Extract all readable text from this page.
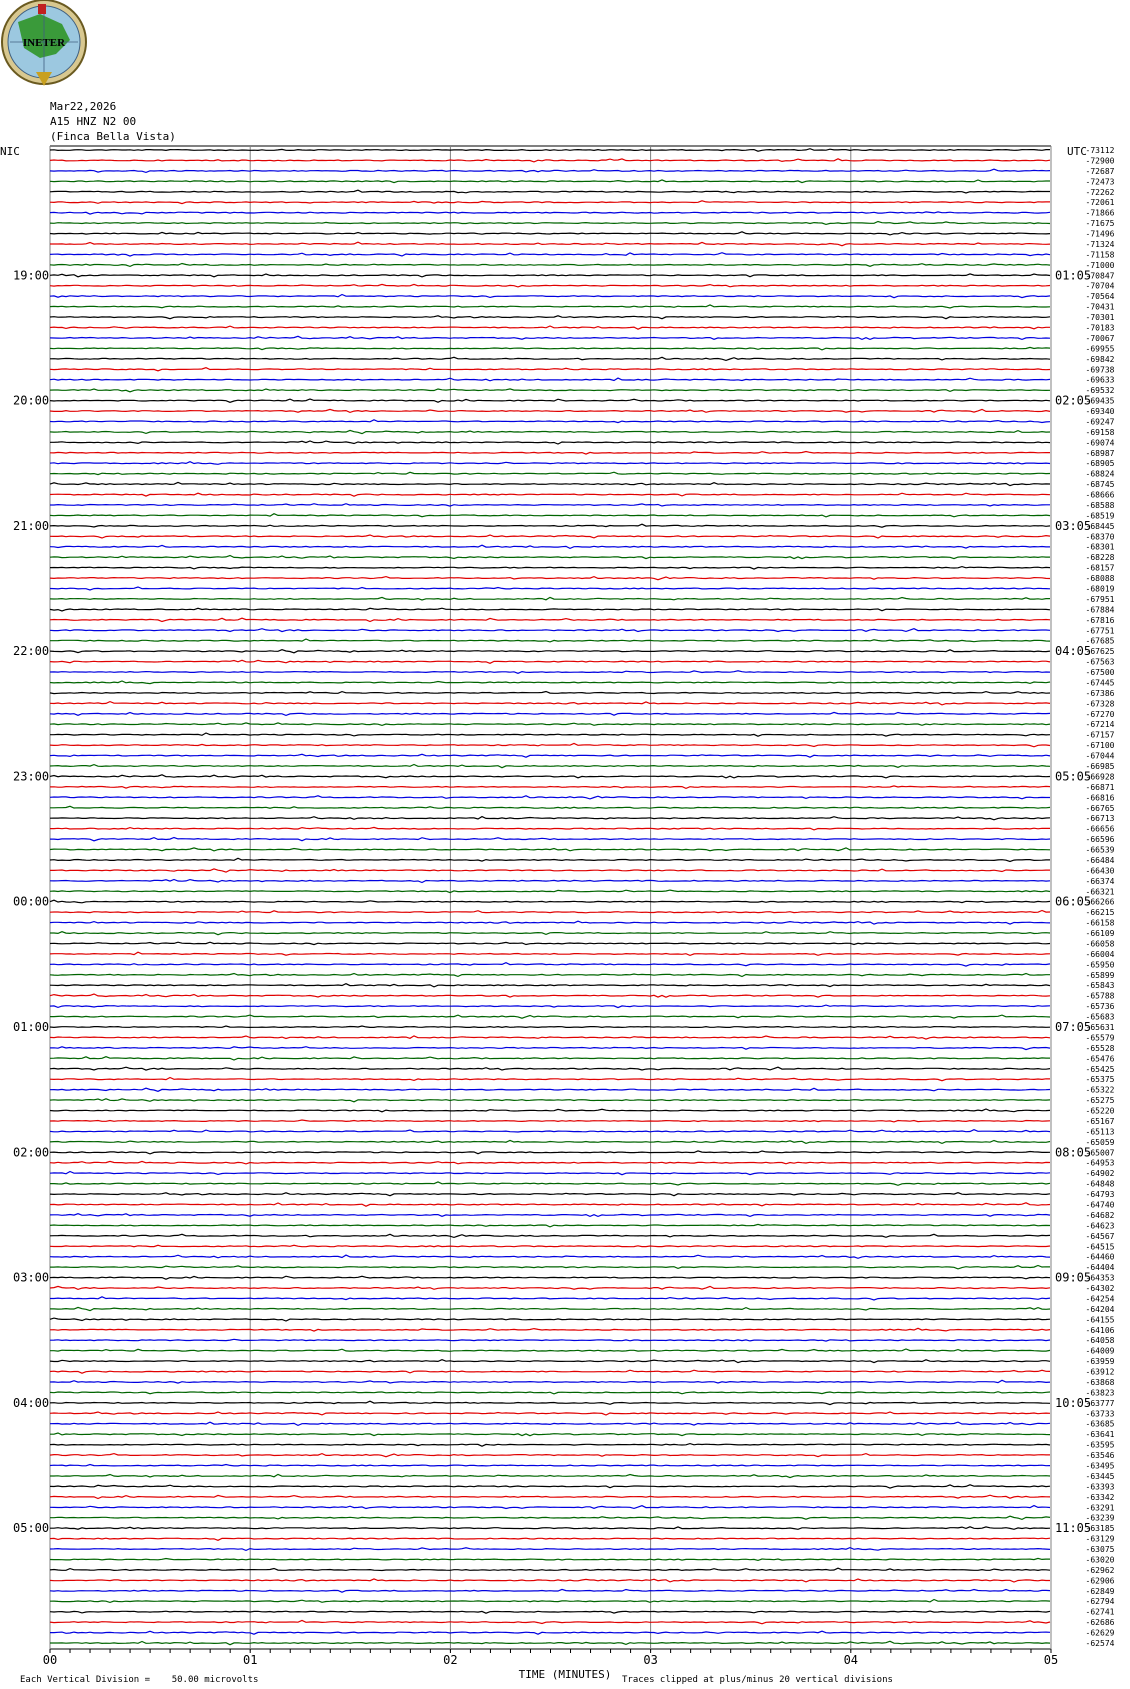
INETER
Mar22,2026
A15 HNZ N2 00
(Finca Bella Vista)
NIC	UTC
00	01	02	03	04	05
TIME (MINUTES)
-73112
-72900
-72687
-72473
-72262
-72061
-71866
-71675
-71496
-71324
-71158
-71000
-70847
-70704
-70564
-70431
-70301
-70183
-70067
-69955
-69842
-69738
-69633
-69532
-69435
-69340
-69247
-69158
-69074
-68987
-68905
-68824
-68745
-68666
-68588
-68519
-68445
-68370
-68301
-68228
-68157
-68088
-68019
-67951
-67884
-67816
-67751
-67685
-67625
-67563
-67500
-67445
-67386
-67328
-67270
-67214
-67157
-67100
-67044
-66985
-66928
-66871
-66816
-66765
-66713
-66656
-66596
-66539
-66484
-66430
-66374
-66321
-66266
-66215
-66158
-66109
-66058
-66004
-65950
-65899
-65843
-65788
-65736
-65683
-65631
-65579
-65528
-65476
-65425
-65375
-65322
-65275
-65220
-65167
-65113
-65059
-65007
-64953
-64902
-64848
-64793
-64740
-64682
-64623
-64567
-64515
-64460
-64404
-64353
-64302
-64254
-64204
-64155
-64106
-64058
-64009
-63959
-63912
-63868
-63823
-63777
-63733
-63685
-63641
-63595
-63546
-63495
-63445
-63393
-63342
-63291
-63239
-63185
-63129
-63075
-63020
-62962
-62906
-62849
-62794
-62741
-62686
-62629
-62574
19:00	01:05
20:00	02:05
21:00	03:05
22:00	04:05
23:00	05:05
00:00	06:05
01:00	07:05
02:00	08:05
03:00	09:05
04:00	10:05
05:00	11:05
Each Vertical Division =    50.00 microvolts	Traces clipped at plus/minus 20 vertical divisions
